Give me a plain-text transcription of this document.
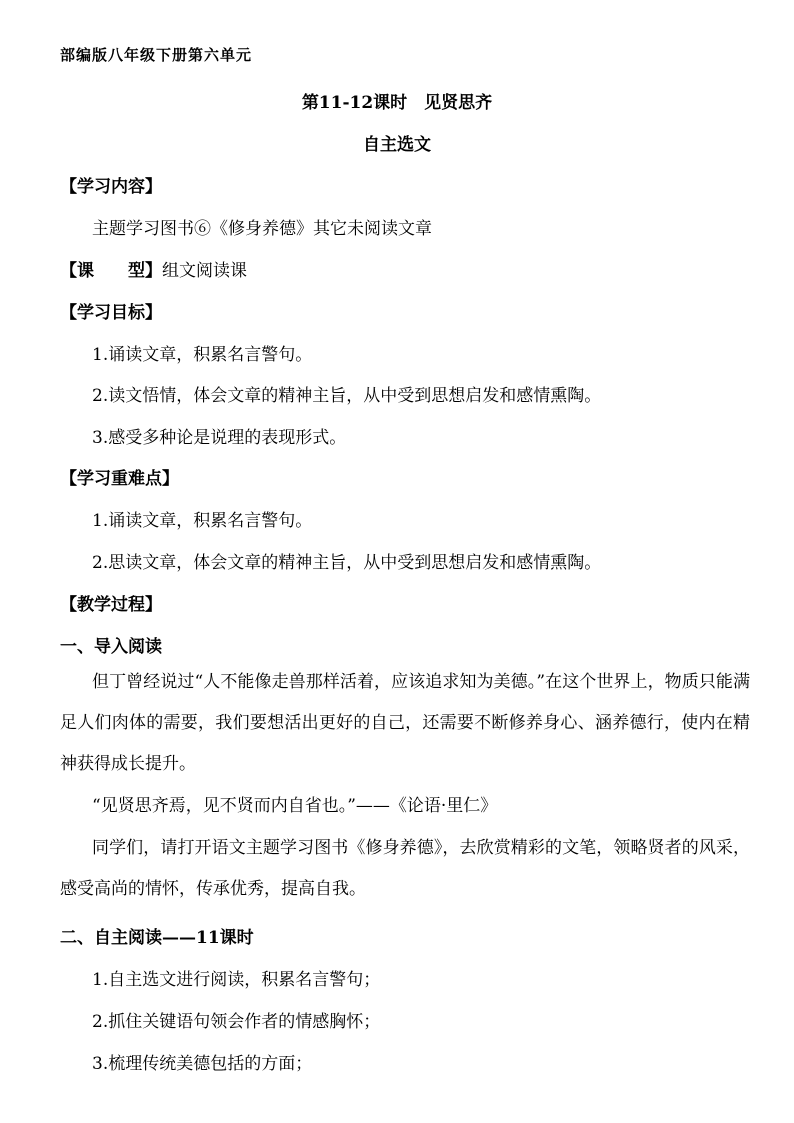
部编版八年级下册第六单元
第11-12课时　见贤思齐
自主选文
【学习内容】
主题学习图书⑥《修身养德》其它未阅读文章
【课　　型】组文阅读课
【学习目标】
1.诵读文章，积累名言警句。
2.读文悟情，体会文章的精神主旨，从中受到思想启发和感情熏陶。
3.感受多种论是说理的表现形式。
【学习重难点】
1.诵读文章，积累名言警句。
2.思读文章，体会文章的精神主旨，从中受到思想启发和感情熏陶。
【教学过程】
一、导入阅读
但丁曾经说过“人不能像走兽那样活着，应该追求知为美德。”在这个世界上，物质只能满足人们肉体的需要，我们要想活出更好的自己，还需要不断修养身心、涵养德行，使内在精神获得成长提升。
“见贤思齐焉，见不贤而内自省也。”——《论语·里仁》
同学们，请打开语文主题学习图书《修身养德》，去欣赏精彩的文笔，领略贤者的风采，感受高尚的情怀，传承优秀，提高自我。
二、自主阅读——11课时
1.自主选文进行阅读，积累名言警句；
2.抓住关键语句领会作者的情感胸怀；
3.梳理传统美德包括的方面；
